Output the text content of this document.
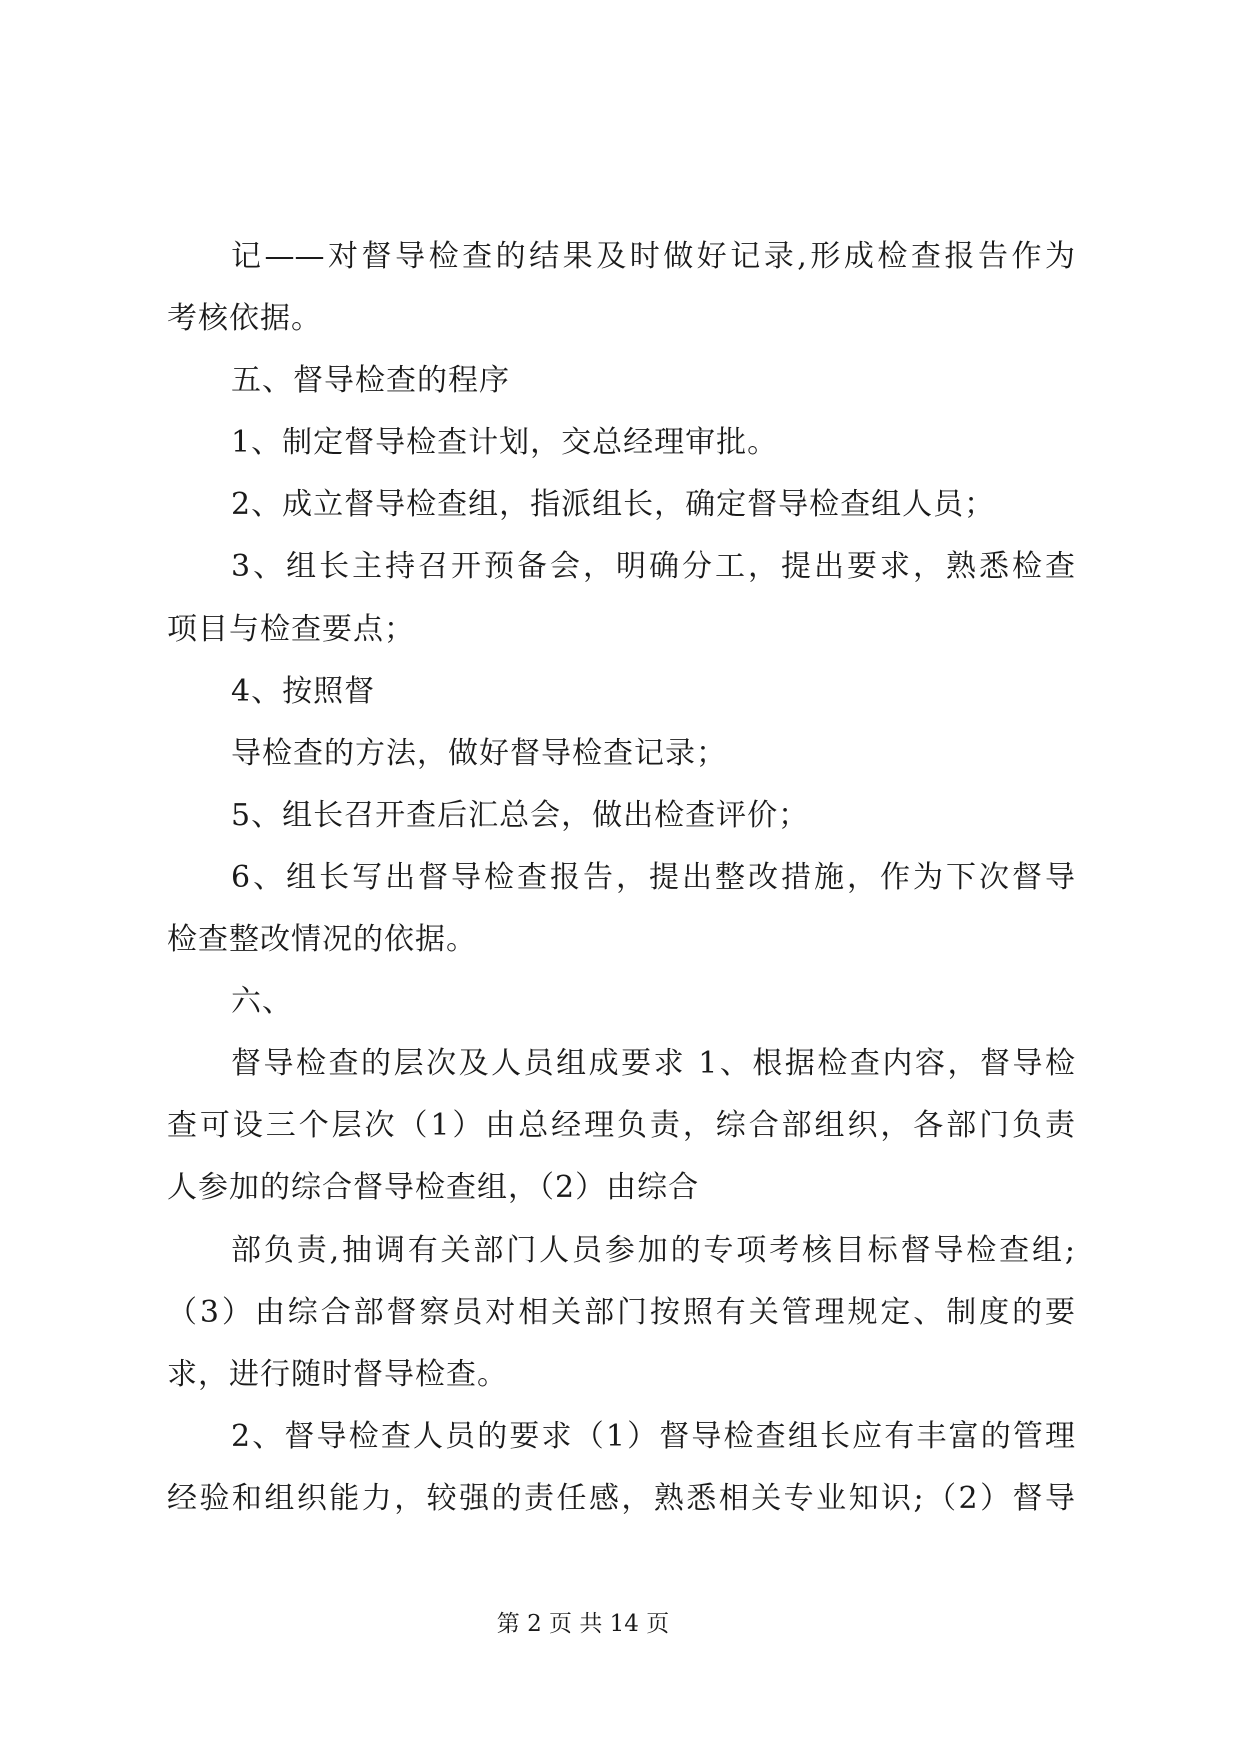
记——对督导检查的结果及时做好记录,形成检查报告作为
考核依据。
五、督导检查的程序
1、制定督导检查计划，交总经理审批。
2、成立督导检查组，指派组长，确定督导检查组人员；
3、组长主持召开预备会，明确分工，提出要求，熟悉检查
项目与检查要点；
4、按照督
导检查的方法，做好督导检查记录；
5、组长召开查后汇总会，做出检查评价；
6、组长写出督导检查报告，提出整改措施，作为下次督导
检查整改情况的依据。
六、
督导检查的层次及人员组成要求 1、根据检查内容，督导检
查可设三个层次（1）由总经理负责，综合部组织，各部门负责
人参加的综合督导检查组，（2）由综合
部负责,抽调有关部门人员参加的专项考核目标督导检查组;
（3）由综合部督察员对相关部门按照有关管理规定、制度的要
求，进行随时督导检查。
2、督导检查人员的要求（1）督导检查组长应有丰富的管理
经验和组织能力，较强的责任感，熟悉相关专业知识;（2）督导
第 2 页 共 14 页
